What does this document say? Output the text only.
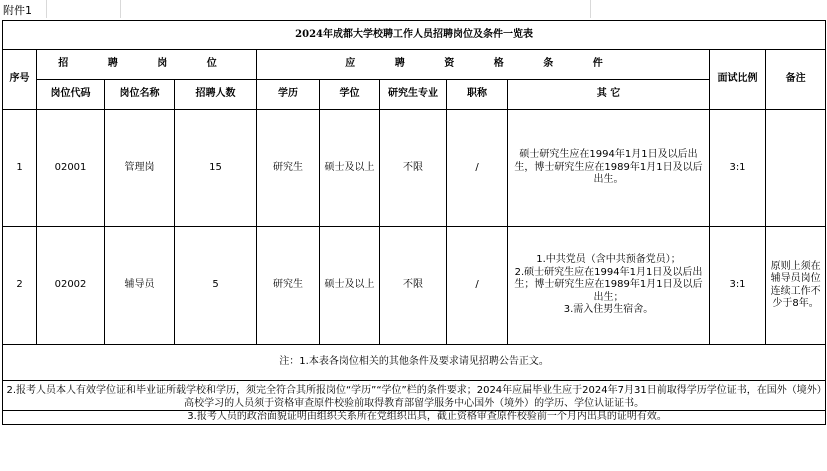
附件1
2024年成都大学校聘工作人员招聘岗位及条件一览表										
序号	招 聘 岗 位			应 聘 资 格 条 件					面试比例	备注
	岗位代码	岗位名称	招聘人数	学历	学位	研究生专业	职称	其 它		
1	02001	管理岗	15	研究生	硕士及以上	不限	/	硕士研究生应在1994年1月1日及以后出生，博士研究生应在1989年1月1日及以后出生。	3:1	
2	02002	辅导员	5	研究生	硕士及以上	不限	/	1.中共党员（含中共预备党员）；
2.硕士研究生应在1994年1月1日及以后出生；博士研究生应在1989年1月1日及以后出生；
3.需入住男生宿舍。	3:1	原则上须在辅导员岗位连续工作不少于8年。
注：1.本表各岗位相关的其他条件及要求请见招聘公告正文。										
2.报考人员本人有效学位证和毕业证所载学校和学历，须完全符合其所报岗位“学历”“学位”栏的条件要求；2024年应届毕业生应于2024年7月31日前取得学历学位证书，在国外（境外）高校学习的人员须于资格审查原件校验前取得教育部留学服务中心国外（境外）的学历、学位认证证书。										
3.报考人员的政治面貌证明由组织关系所在党组织出具，截止资格审查原件校验前一个月内出具的证明有效。										
